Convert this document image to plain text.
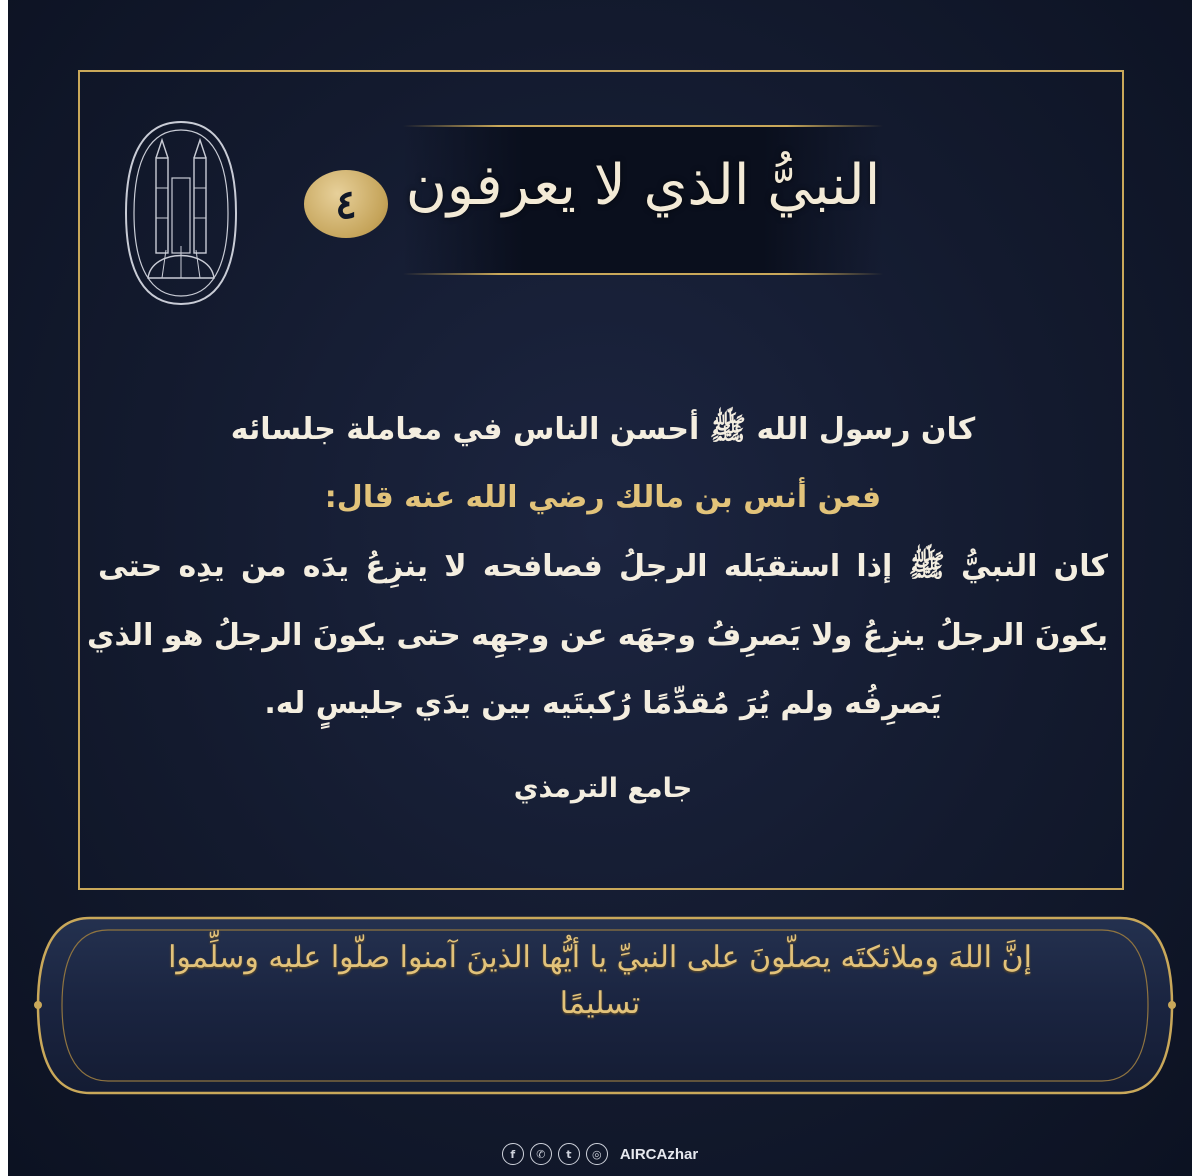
النبيُّ الذي لا يعرفون
٤

كان رسول الله ﷺ أحسن الناس في معاملة جلسائه

فعن أنس بن مالك رضي الله عنه قال:

كان النبيُّ ﷺ إذا استقبَله الرجلُ فصافحه لا ينزِعُ يدَه من يدِه حتى

يكونَ الرجلُ ينزِعُ ولا يَصرِفُ وجهَه عن وجهِه حتى يكونَ الرجلُ هو الذي

يَصرِفُه ولم يُرَ مُقدِّمًا رُكبتَيه بين يدَي جليسٍ له.

جامع الترمذي

إنَّ اللهَ وملائكتَه يصلّونَ على النبيِّ يا أيُّها الذينَ آمنوا صلّوا عليه وسلِّموا تسليمًا
f	✆	t	◎	AIRCAzhar
